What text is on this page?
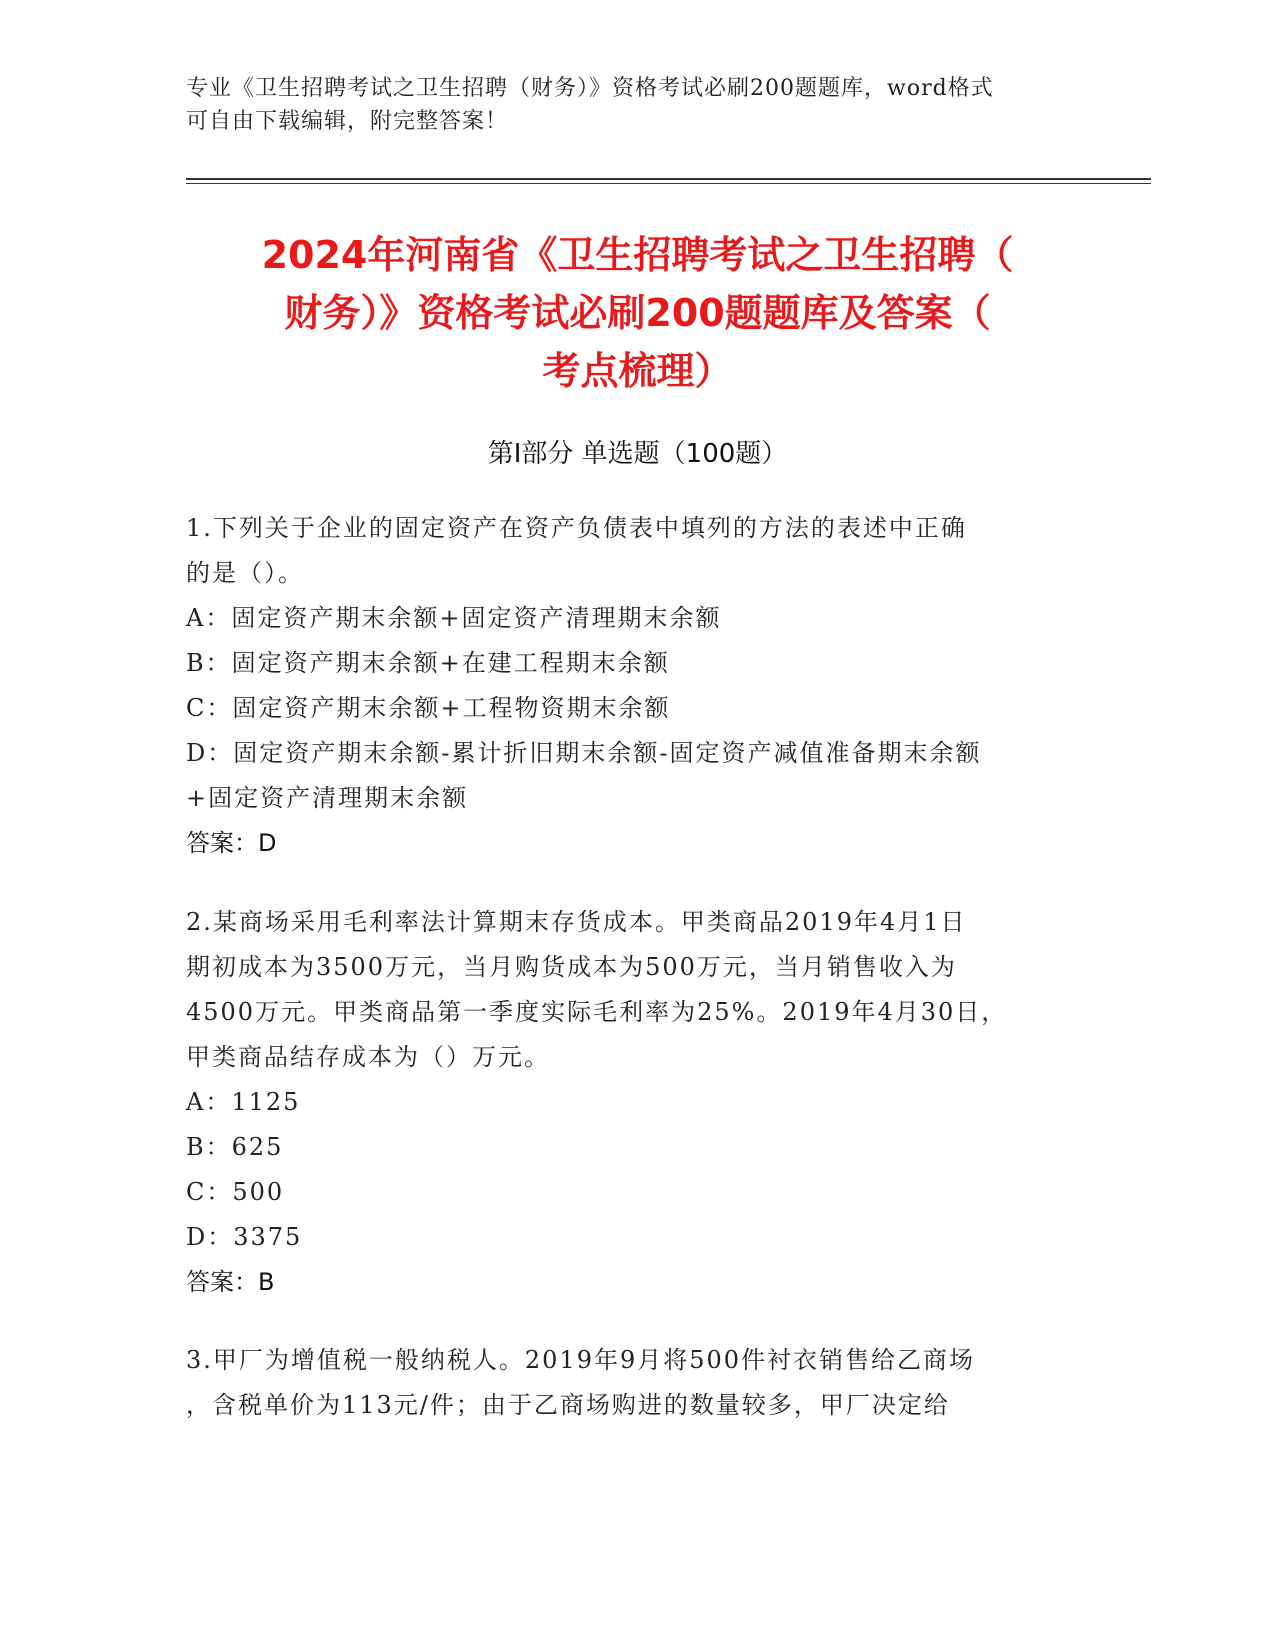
专业《卫生招聘考试之卫生招聘（财务）》资格考试必刷200题题库，word格式
可自由下载编辑，附完整答案！
2024年河南省《卫生招聘考试之卫生招聘（
财务）》资格考试必刷200题题库及答案（
考点梳理）
第I部分 单选题（100题）
1.下列关于企业的固定资产在资产负债表中填列的方法的表述中正确
的是（）。
A：固定资产期末余额+固定资产清理期末余额
B：固定资产期末余额+在建工程期末余额
C：固定资产期末余额+工程物资期末余额
D：固定资产期末余额-累计折旧期末余额-固定资产减值准备期末余额
+固定资产清理期末余额
答案：D
2.某商场采用毛利率法计算期末存货成本。甲类商品2019年4月1日
期初成本为3500万元，当月购货成本为500万元，当月销售收入为
4500万元。甲类商品第一季度实际毛利率为25%。2019年4月30日，
甲类商品结存成本为（）万元。
A：1125
B：625
C：500
D：3375
答案：B
3.甲厂为增值税一般纳税人。2019年9月将500件衬衣销售给乙商场
，含税单价为113元/件；由于乙商场购进的数量较多，甲厂决定给
